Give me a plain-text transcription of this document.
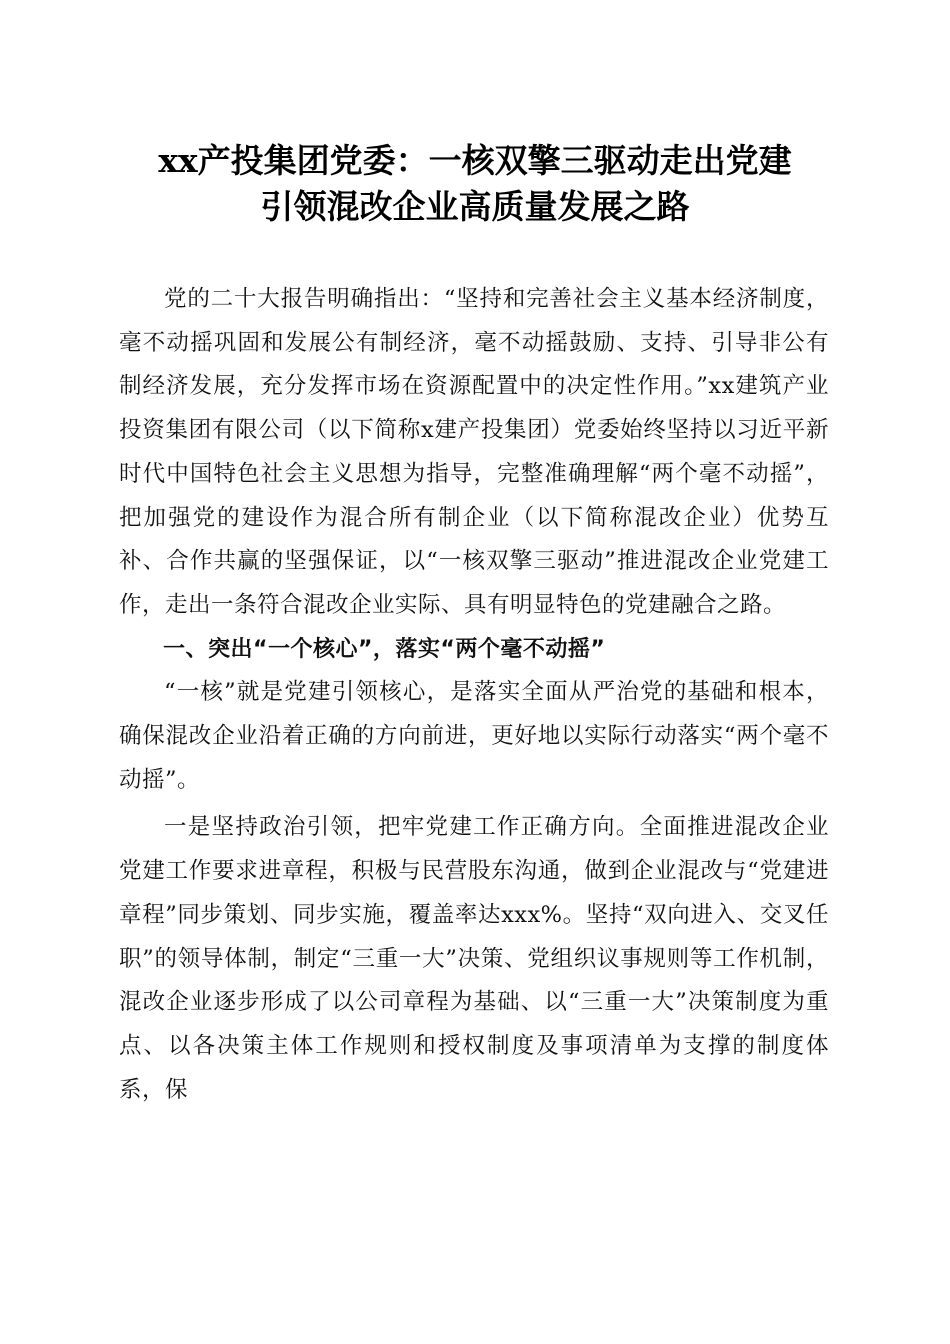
xx产投集团党委：一核双擎三驱动走出党建
引领混改企业高质量发展之路

党的二十大报告明确指出：“坚持和完善社会主义基本经济制度，毫不动摇巩固和发展公有制经济，毫不动摇鼓励、支持、引导非公有制经济发展，充分发挥市场在资源配置中的决定性作用。”xx建筑产业投资集团有限公司（以下简称x建产投集团）党委始终坚持以习近平新时代中国特色社会主义思想为指导，完整准确理解“两个毫不动摇”，把加强党的建设作为混合所有制企业（以下简称混改企业）优势互补、合作共赢的坚强保证，以“一核双擎三驱动”推进混改企业党建工作，走出一条符合混改企业实际、具有明显特色的党建融合之路。

一、突出“一个核心”，落实“两个毫不动摇”

“一核”就是党建引领核心，是落实全面从严治党的基础和根本，确保混改企业沿着正确的方向前进，更好地以实际行动落实“两个毫不动摇”。

一是坚持政治引领，把牢党建工作正确方向。全面推进混改企业党建工作要求进章程，积极与民营股东沟通，做到企业混改与“党建进章程”同步策划、同步实施，覆盖率达xxx%。坚持“双向进入、交叉任职”的领导体制，制定“三重一大”决策、党组织议事规则等工作机制，混改企业逐步形成了以公司章程为基础、以“三重一大”决策制度为重点、以各决策主体工作规则和授权制度及事项清单为支撑的制度体系，保
